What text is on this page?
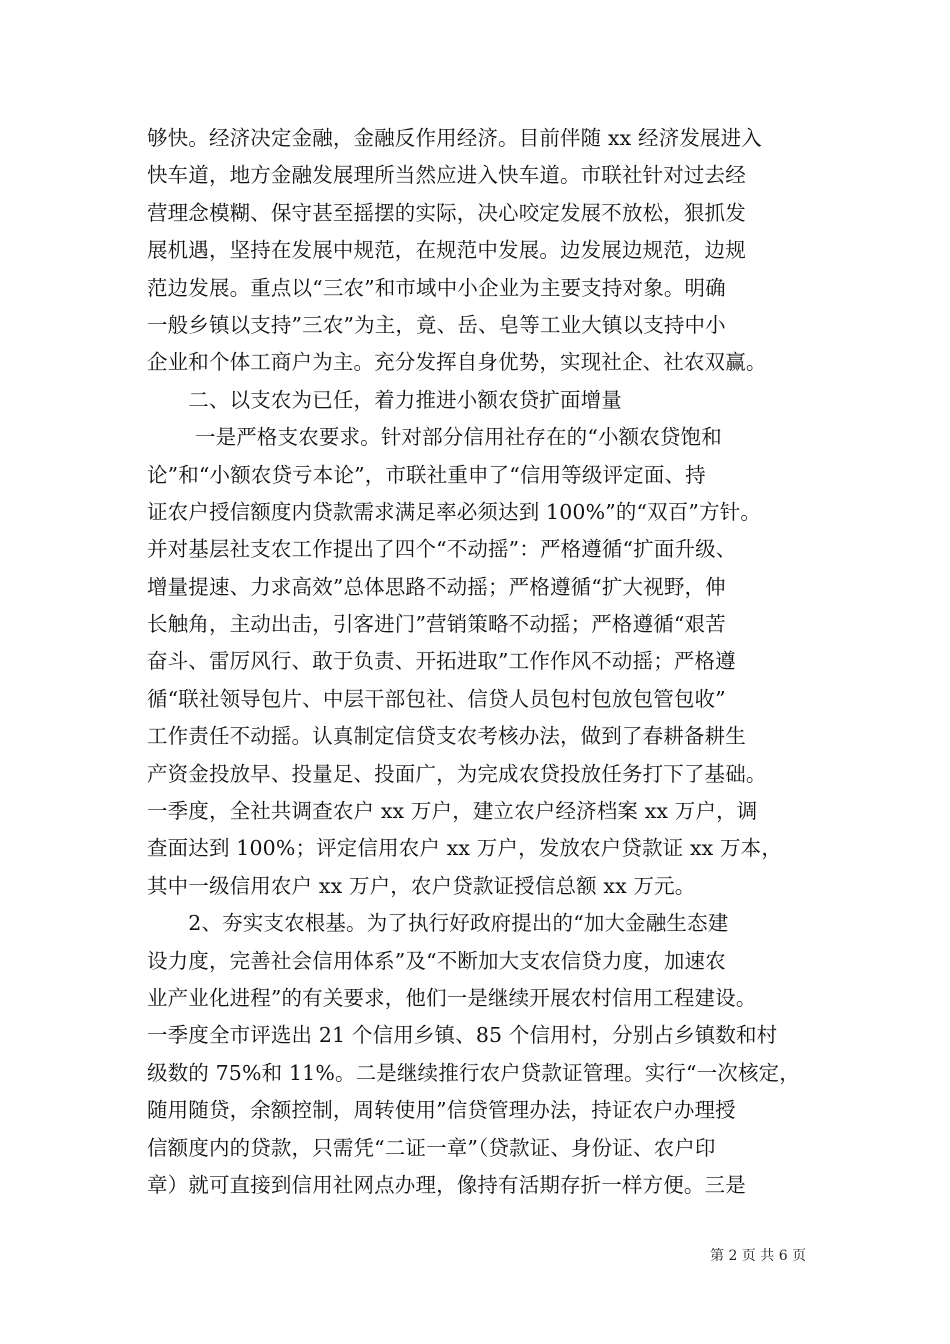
够快。经济决定金融，金融反作用经济。目前伴随 xx 经济发展进入
快车道，地方金融发展理所当然应进入快车道。市联社针对过去经
营理念模糊、保守甚至摇摆的实际，决心咬定发展不放松，狠抓发
展机遇，坚持在发展中规范，在规范中发展。边发展边规范，边规
范边发展。重点以“三农”和市域中小企业为主要支持对象。明确
一般乡镇以支持”三农”为主，竟、岳、皂等工业大镇以支持中小
企业和个体工商户为主。充分发挥自身优势，实现社企、社农双赢。
　　二、以支农为已任，着力推进小额农贷扩面增量
　　 一是严格支农要求。针对部分信用社存在的“小额农贷饱和
论”和“小额农贷亏本论”，市联社重申了“信用等级评定面、持
证农户授信额度内贷款需求满足率必须达到 100%”的“双百”方针。
并对基层社支农工作提出了四个“不动摇”：严格遵循“扩面升级、
增量提速、力求高效”总体思路不动摇；严格遵循“扩大视野，伸
长触角，主动出击，引客进门”营销策略不动摇；严格遵循“艰苦
奋斗、雷厉风行、敢于负责、开拓进取”工作作风不动摇；严格遵
循“联社领导包片、中层干部包社、信贷人员包村包放包管包收”
工作责任不动摇。认真制定信贷支农考核办法，做到了春耕备耕生
产资金投放早、投量足、投面广，为完成农贷投放任务打下了基础。
一季度，全社共调查农户 xx 万户，建立农户经济档案 xx 万户，调
查面达到 100%；评定信用农户 xx 万户，发放农户贷款证 xx 万本，
其中一级信用农户 xx 万户，农户贷款证授信总额 xx 万元。
　　2、夯实支农根基。为了执行好政府提出的“加大金融生态建
设力度，完善社会信用体系”及“不断加大支农信贷力度，加速农
业产业化进程”的有关要求，他们一是继续开展农村信用工程建设。
一季度全市评选出 21 个信用乡镇、85 个信用村，分别占乡镇数和村
级数的 75%和 11%。二是继续推行农户贷款证管理。实行“一次核定，
随用随贷，余额控制，周转使用”信贷管理办法，持证农户办理授
信额度内的贷款，只需凭“二证一章”（贷款证、身份证、农户印
章）就可直接到信用社网点办理，像持有活期存折一样方便。三是
第 2 页 共 6 页
